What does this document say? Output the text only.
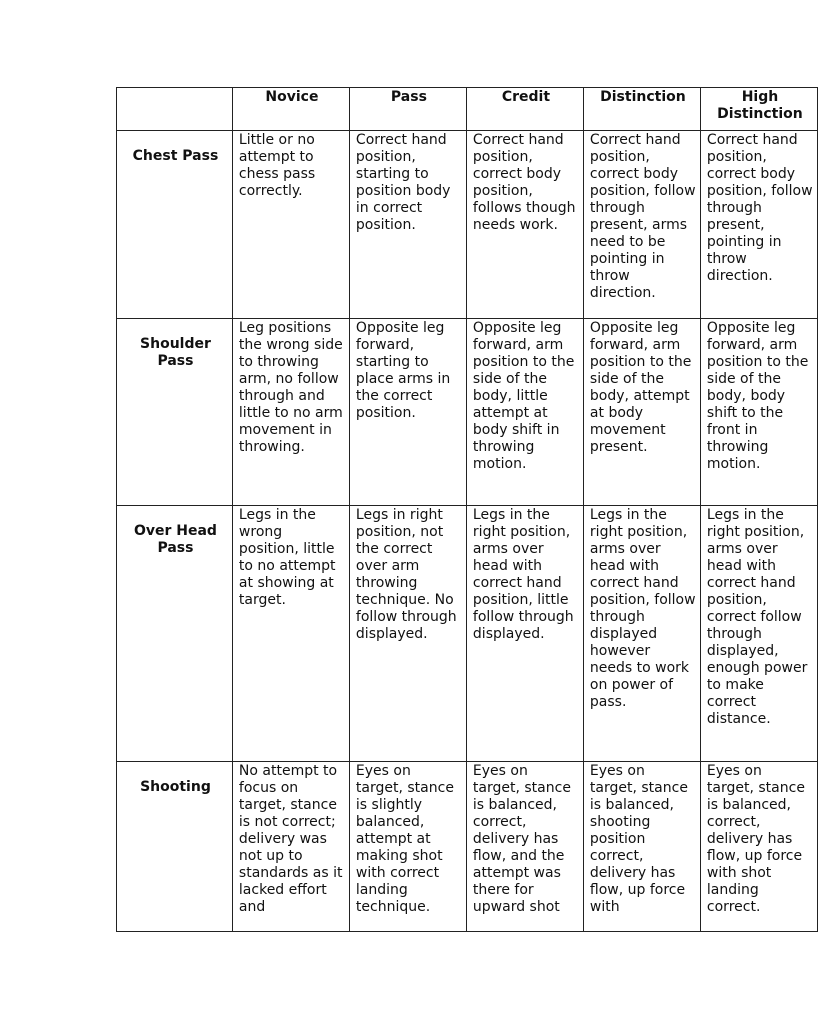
	Novice	Pass	Credit	Distinction	High Distinction
Chest Pass	Little or no attempt to chess pass correctly.	Correct hand position, starting to position body in correct position.	Correct hand position, correct body position, follows though needs work.	Correct hand position, correct body position, follow through present, arms need to be pointing in throw direction.	Correct hand position, correct body position, follow through present, pointing in throw direction.

Shoulder Pass	Leg positions the wrong side to throwing arm, no follow through and little to no arm movement in throwing.	Opposite leg forward, starting to place arms in the correct position.	Opposite leg forward, arm position to the side of the body, little attempt at body shift in throwing motion.	Opposite leg forward, arm position to the side of the body, attempt at body movement present.	Opposite leg forward, arm position to the side of the body, body shift to the front in throwing motion.

Over Head Pass	Legs in the wrong position, little to no attempt at showing at target.	Legs in right position, not the correct over arm throwing technique. No follow through displayed.	Legs in the right position, arms over head with correct hand position, little follow through displayed.	Legs in the right position, arms over head with correct hand position, follow through displayed however needs to work on power of pass.	Legs in the right position, arms over head with correct hand position, correct follow through displayed, enough power to make correct distance.

Shooting	No attempt to focus on target, stance is not correct; delivery was not up to standards as it lacked effort and	Eyes on target, stance is slightly balanced, attempt at making shot with correct landing technique.	Eyes on target, stance is balanced, correct, delivery has flow, and the attempt was there for upward shot	Eyes on target, stance is balanced, shooting position correct, delivery has flow, up force with	Eyes on target, stance is balanced, correct, delivery has flow, up force with shot landing correct.
